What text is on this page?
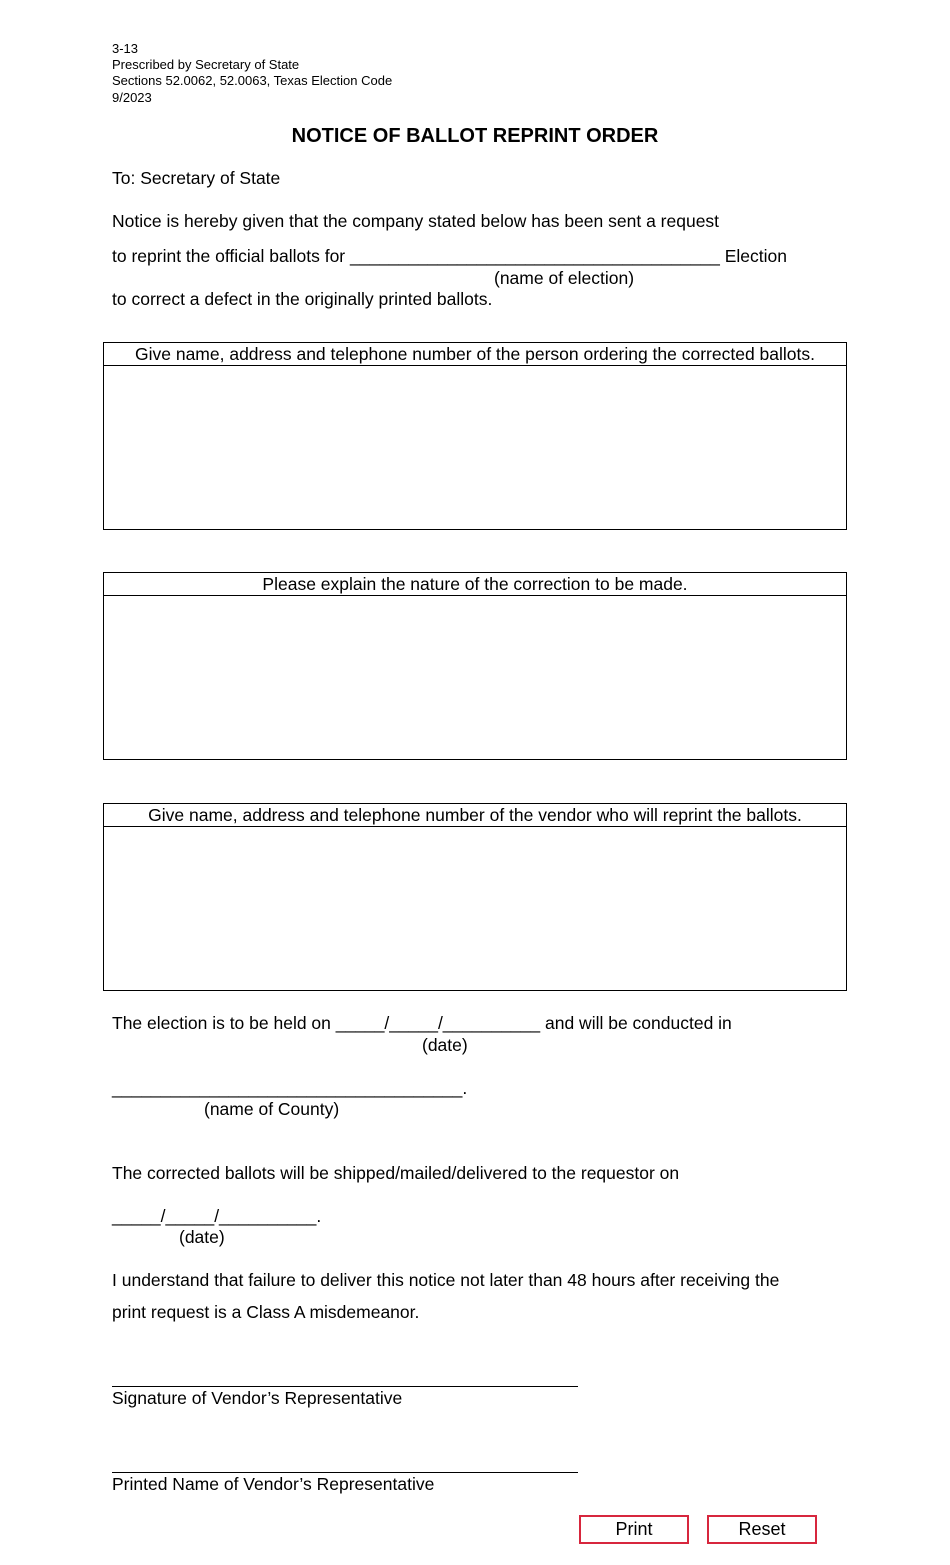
3-13
Prescribed by Secretary of State
Sections 52.0062, 52.0063, Texas Election Code
9/2023
NOTICE OF BALLOT REPRINT ORDER
To: Secretary of State
Notice is hereby given that the company stated below has been sent a request
to reprint the official ballots for ______________________________________ Election
(name of election)
to correct a defect in the originally printed ballots.
Give name, address and telephone number of the person ordering the corrected ballots.
Please explain the nature of the correction to be made.
Give name, address and telephone number of the vendor who will reprint the ballots.
The election is to be held on _____/_____/__________ and will be conducted in
(date)
____________________________________.
(name of County)
The corrected ballots will be shipped/mailed/delivered to the requestor on
_____/_____/__________.
(date)
I understand that failure to deliver this notice not later than 48 hours after receiving the
print request is a Class A misdemeanor.
Signature of Vendor’s Representative
Printed Name of Vendor’s Representative
Print	Reset
